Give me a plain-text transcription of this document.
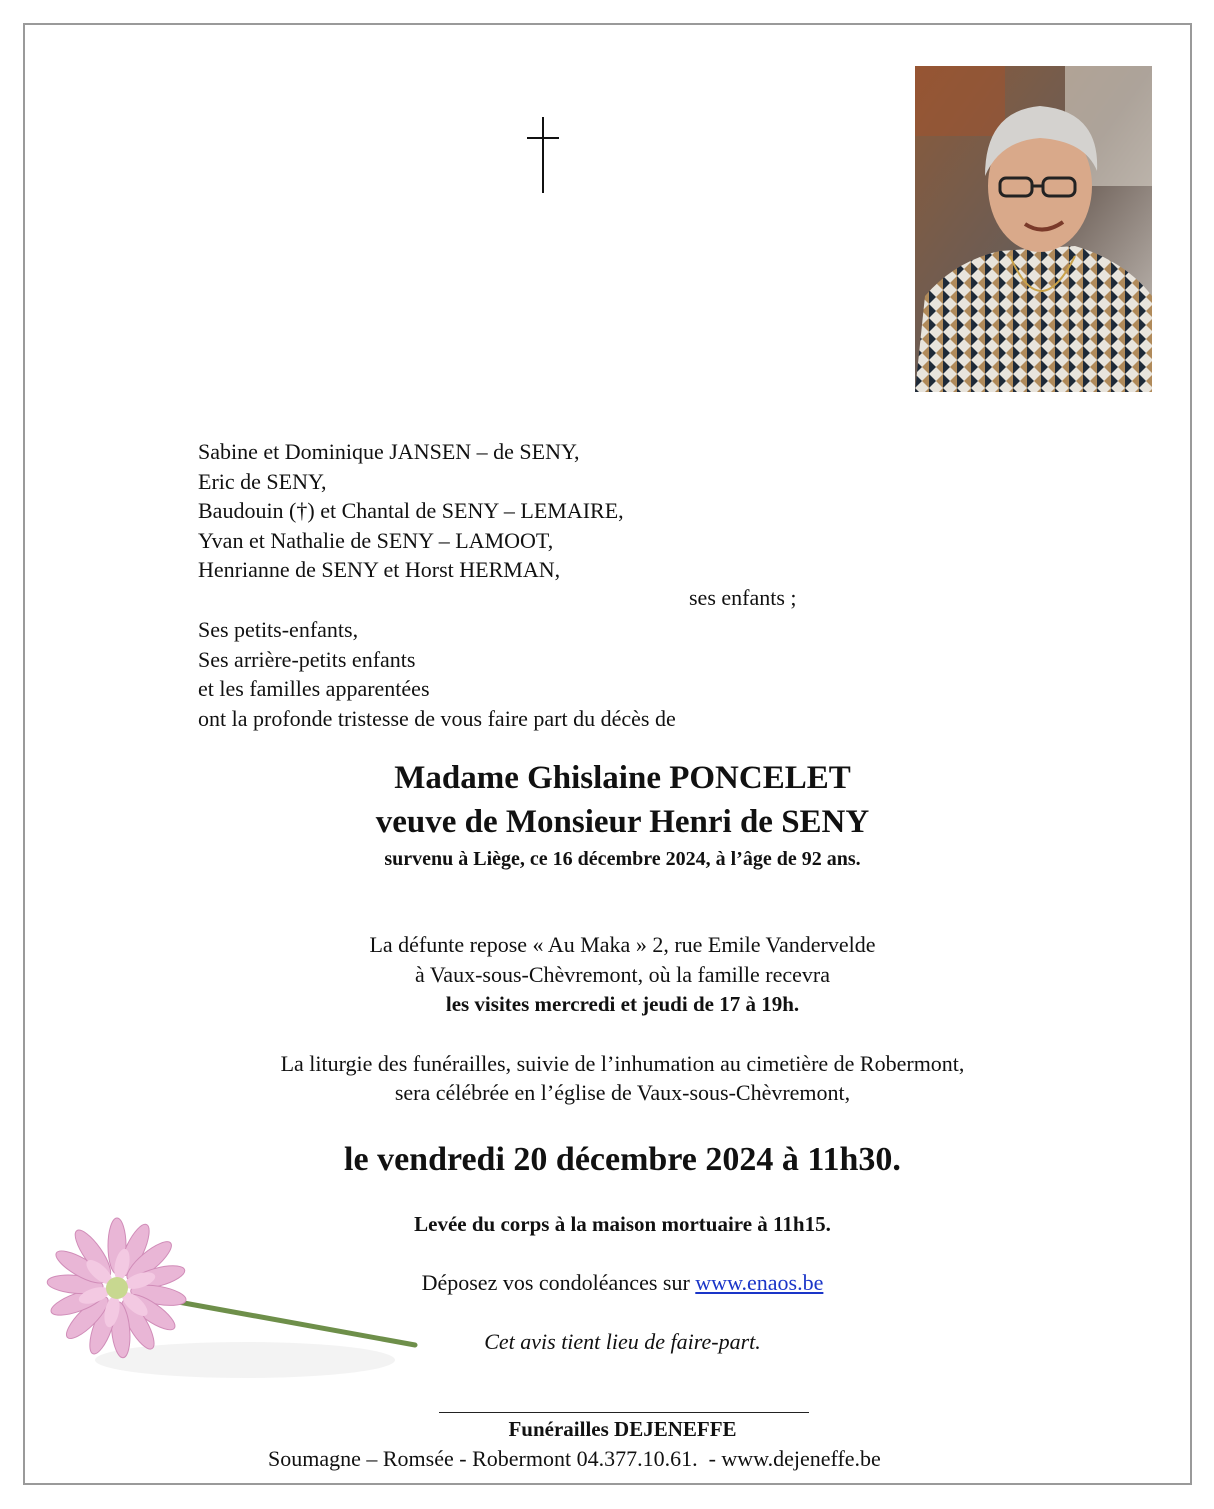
Sabine et Dominique JANSEN – de SENY,
Eric de SENY,
Baudouin (†) et Chantal de SENY – LEMAIRE,
Yvan et Nathalie de SENY – LAMOOT,
Henrianne de SENY et Horst HERMAN,
ses enfants ;
Ses petits-enfants,
Ses arrière-petits enfants
et les familles apparentées
ont la profonde tristesse de vous faire part du décès de
Madame Ghislaine PONCELET
veuve de Monsieur Henri de SENY
survenu à Liège, ce 16 décembre 2024, à l’âge de 92 ans.
La défunte repose « Au Maka » 2, rue Emile Vandervelde
à Vaux-sous-Chèvremont, où la famille recevra
les visites mercredi et jeudi de 17 à 19h.
La liturgie des funérailles, suivie de l’inhumation au cimetière de Robermont,
sera célébrée en l’église de Vaux-sous-Chèvremont,
le vendredi 20 décembre 2024 à 11h30.
Levée du corps à la maison mortuaire à 11h15.
Déposez vos condoléances sur www.enaos.be
Cet avis tient lieu de faire-part.
Funérailles DEJENEFFE
Soumagne – Romsée - Robermont 04.377.10.61.  - www.dejeneffe.be
